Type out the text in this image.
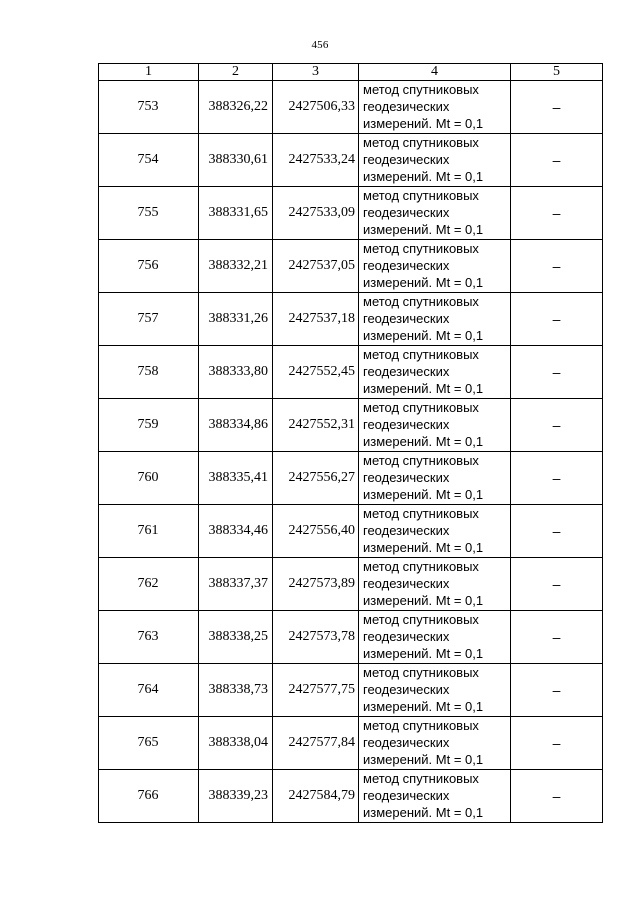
456
1	2	3	4	5
753	388326,22	2427506,33	метод спутниковых
геодезических
измерений. Mt = 0,1	–
754	388330,61	2427533,24	метод спутниковых
геодезических
измерений. Mt = 0,1	–
755	388331,65	2427533,09	метод спутниковых
геодезических
измерений. Mt = 0,1	–
756	388332,21	2427537,05	метод спутниковых
геодезических
измерений. Mt = 0,1	–
757	388331,26	2427537,18	метод спутниковых
геодезических
измерений. Mt = 0,1	–
758	388333,80	2427552,45	метод спутниковых
геодезических
измерений. Mt = 0,1	–
759	388334,86	2427552,31	метод спутниковых
геодезических
измерений. Mt = 0,1	–
760	388335,41	2427556,27	метод спутниковых
геодезических
измерений. Mt = 0,1	–
761	388334,46	2427556,40	метод спутниковых
геодезических
измерений. Mt = 0,1	–
762	388337,37	2427573,89	метод спутниковых
геодезических
измерений. Mt = 0,1	–
763	388338,25	2427573,78	метод спутниковых
геодезических
измерений. Mt = 0,1	–
764	388338,73	2427577,75	метод спутниковых
геодезических
измерений. Mt = 0,1	–
765	388338,04	2427577,84	метод спутниковых
геодезических
измерений. Mt = 0,1	–
766	388339,23	2427584,79	метод спутниковых
геодезических
измерений. Mt = 0,1	–
